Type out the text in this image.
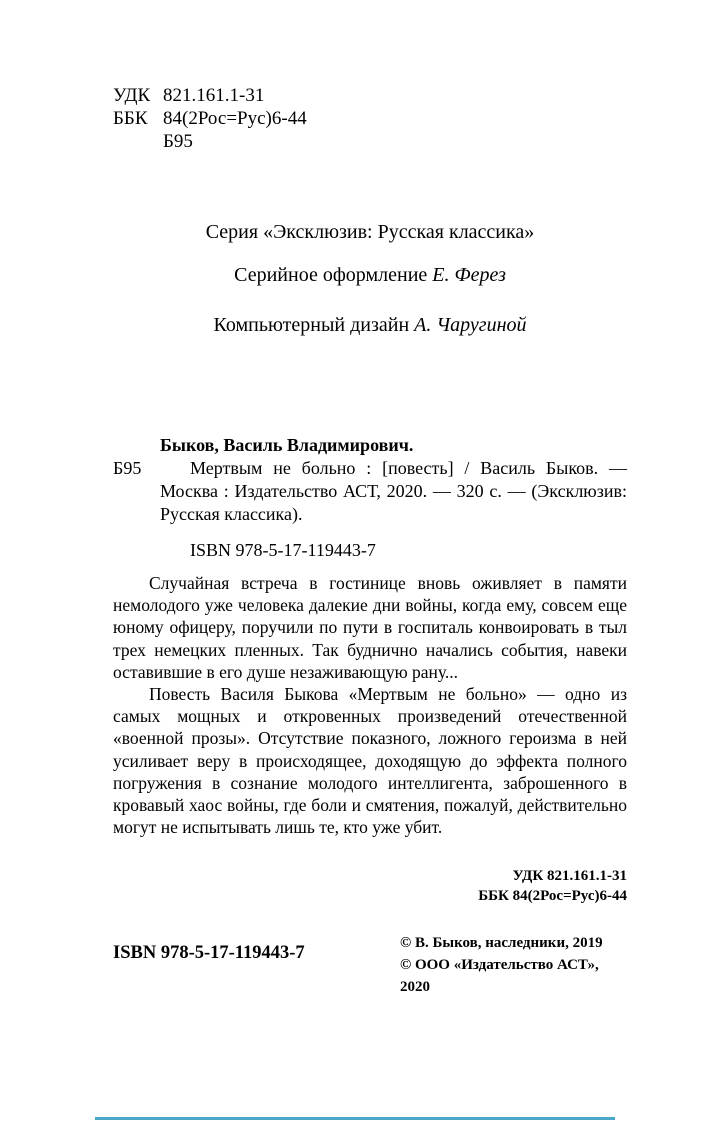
УДК 821.161.1-31
ББК 84(2Рос=Рус)6-44
Б95
Серия «Эксклюзив: Русская классика»
Серийное оформление Е. Ферез
Компьютерный дизайн А. Чаругиной
Быков, Василь Владимирович.
Б95	Мертвым не больно : [повесть] / Василь Быков. — Москва : Издательство АСТ, 2020. — 320 с. — (Эксклюзив: Русская классика).

ISBN 978-5-17-119443-7

Случайная встреча в гостинице вновь оживляет в памяти немолодого уже человека далекие дни войны, когда ему, совсем еще юному офицеру, поручили по пути в госпиталь конвоировать в тыл трех немецких пленных. Так буднично начались события, навеки оставившие в его душе незаживающую рану...

Повесть Василя Быкова «Мертвым не больно» — одно из самых мощных и откровенных произведений отечественной «военной прозы». Отсутствие показного, ложного героизма в ней усиливает веру в происходящее, доходящую до эффекта полного погружения в сознание молодого интеллигента, заброшенного в кровавый хаос войны, где боли и смятения, пожалуй, действительно могут не испытывать лишь те, кто уже убит.

УДК 821.161.1-31
ББК 84(2Рос=Рус)6-44
ISBN 978-5-17-119443-7	© В. Быков, наследники, 2019
© ООО «Издательство АСТ», 2020
